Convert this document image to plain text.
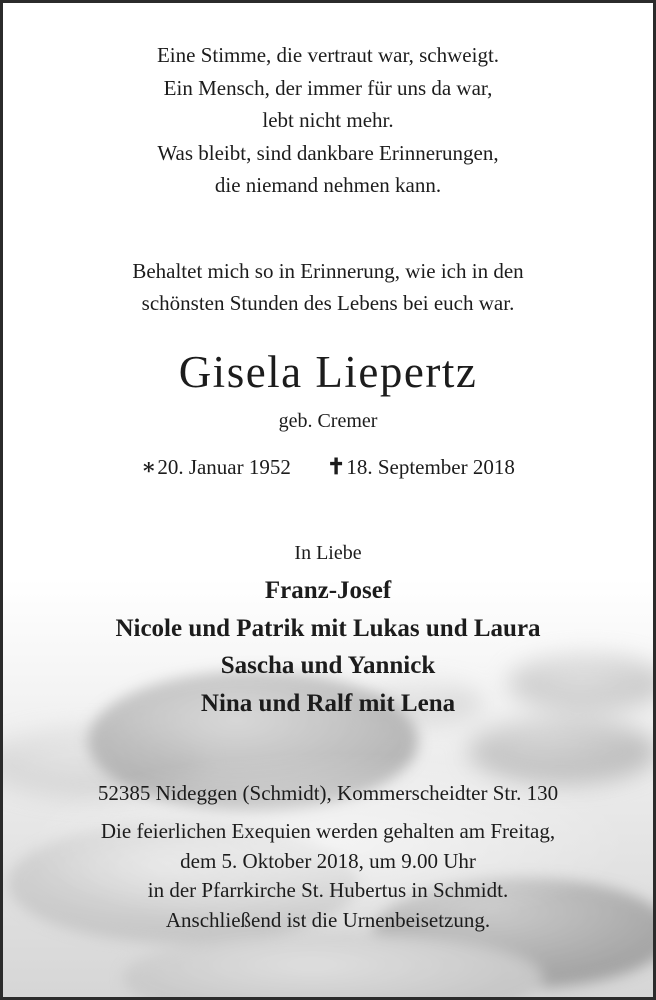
Eine Stimme, die vertraut war, schweigt.
Ein Mensch, der immer für uns da war,
lebt nicht mehr.
Was bleibt, sind dankbare Erinnerungen,
die niemand nehmen kann.
Behaltet mich so in Erinnerung, wie ich in den
schönsten Stunden des Lebens bei euch war.
Gisela Liepertz
geb. Cremer
∗20. Januar 1952 ✝18. September 2018
In Liebe
Franz-Josef
Nicole und Patrik mit Lukas und Laura
Sascha und Yannick
Nina und Ralf mit Lena
52385 Nideggen (Schmidt), Kommerscheidter Str. 130
Die feierlichen Exequien werden gehalten am Freitag,
dem 5. Oktober 2018, um 9.00 Uhr
in der Pfarrkirche St. Hubertus in Schmidt.
Anschließend ist die Urnenbeisetzung.
